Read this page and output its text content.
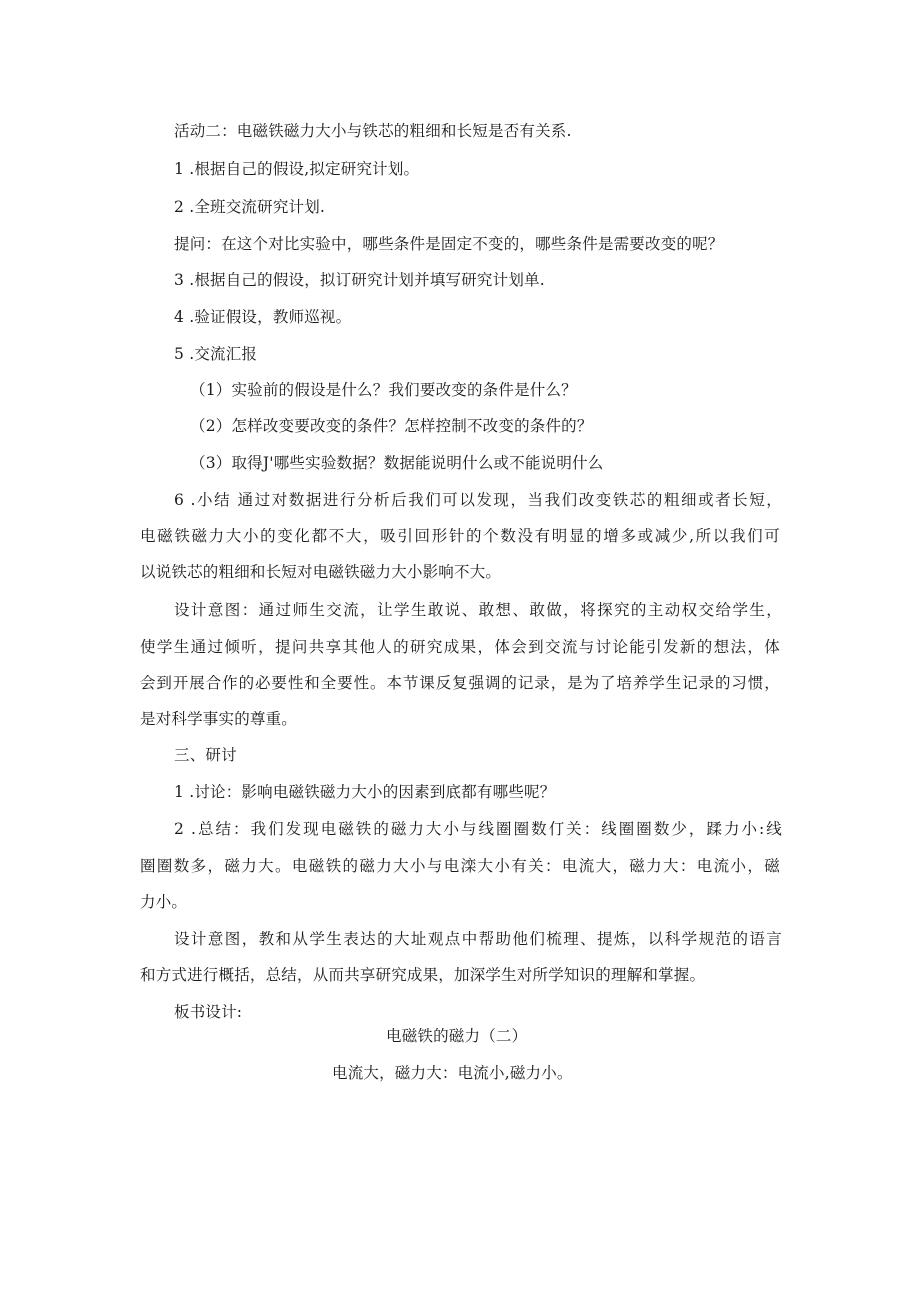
活动二：电磁铁磁力大小与铁芯的粗细和长短是否有关系.
1 .根据自己的假设,拟定研究计划。
2 .全班交流研究计划.
提问：在这个对比实验中，哪些条件是固定不变的，哪些条件是需要改变的呢？
3 .根据自己的假设，拟订研究计划并填写研究计划单.
4 .验证假设，教师巡视。
5 .交流汇报
（1）实验前的假设是什么？我们要改变的条件是什么？
（2）怎样改变要改变的条件？怎样控制不改变的条件的？
（3）取得J'哪些实验数据？数据能说明什么或不能说明什么
6 .小结 通过对数据进行分析后我们可以发现，当我们改变铁芯的粗细或者长短，
电磁铁磁力大小的变化都不大，吸引回形针的个数没有明显的增多或减少,所以我们可
以说铁芯的粗细和长短对电磁铁磁力大小影响不大。
设计意图：通过师生交流，让学生敢说、敢想、敢做，将探究的主动权交给学生，
使学生通过倾听，提问共享其他人的研究成果，体会到交流与讨论能引发新的想法，体
会到开展合作的必要性和全要性。本节课反复强调的记录，是为了培养学生记录的习惯，
是对科学事实的尊重。
三、研讨
1 .讨论：影响电磁铁磁力大小的因素到底都有哪些呢？
2 .总结：我们发现电磁铁的磁力大小与线圈圈数仃关：线圈圈数少，蹂力小:线
圈圈数多，磁力大。电磁铁的磁力大小与电滦大小有关：电流大，磁力大：电流小，磁
力小。
设计意图，教和从学生表达的大址观点中帮助他们梳理、提炼，以科学规范的语言
和方式进行概括，总结，从而共享研究成果，加深学生对所学知识的理解和掌握。
板书设计:
电磁铁的磁力（二）
电流大，磁力大：电流小,磁力小。
